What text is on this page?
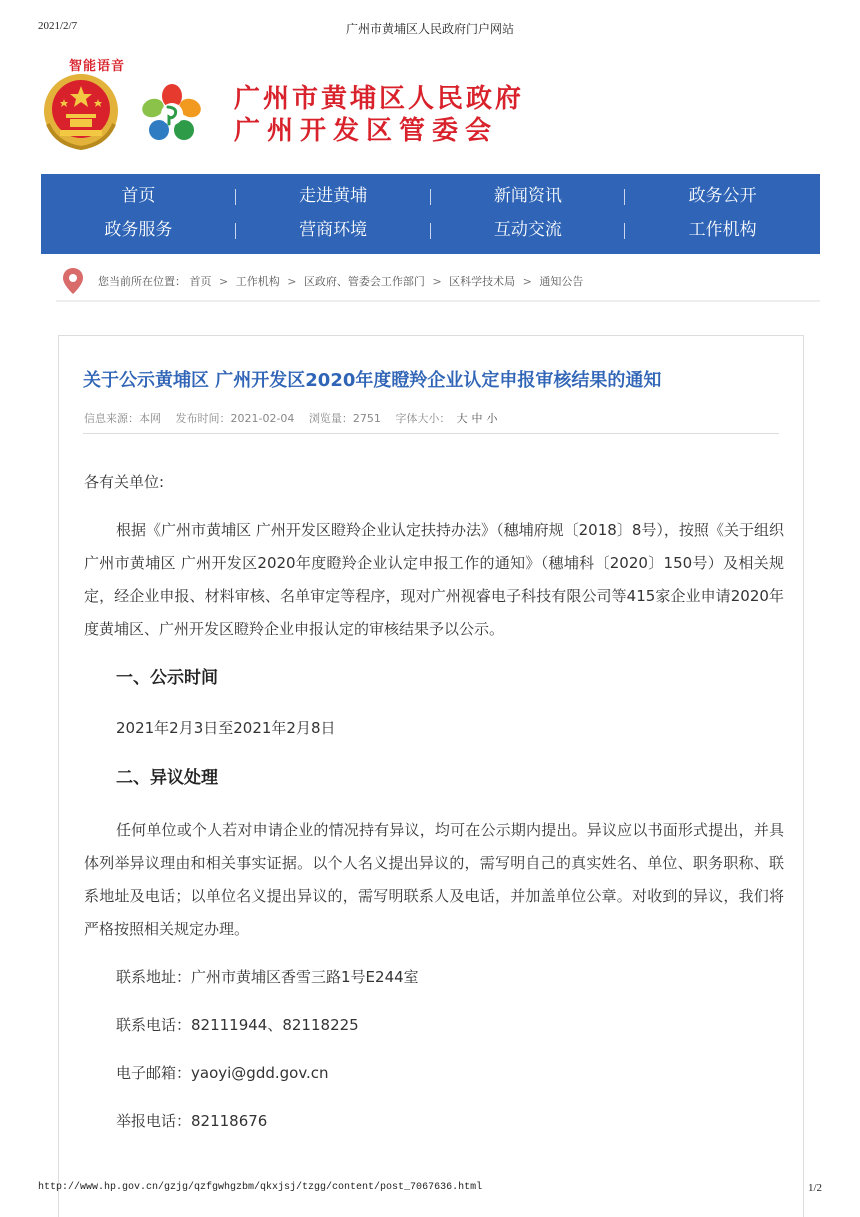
2021/2/7	广州市黄埔区人民政府门户网站
智能语音
广州市黄埔区人民政府
广州开发区管委会
首页	走进黄埔	新闻资讯	政务公开
政务服务	营商环境	互动交流	工作机构
您当前所在位置： 首页 > 工作机构 > 区政府、管委会工作部门 > 区科学技术局 > 通知公告
关于公示黄埔区 广州开发区2020年度瞪羚企业认定申报审核结果的通知
信息来源：本网 发布时间：2021-02-04 浏览量：2751 字体大小： 大 中 小

各有关单位:

根据《广州市黄埔区 广州开发区瞪羚企业认定扶持办法》（穗埔府规〔2018〕8号），按照《关于组织广州市黄埔区 广州开发区2020年度瞪羚企业认定申报工作的通知》（穗埔科〔2020〕150号）及相关规定，经企业申报、材料审核、名单审定等程序，现对广州视睿电子科技有限公司等415家企业申请2020年度黄埔区、广州开发区瞪羚企业申报认定的审核结果予以公示。

一、公示时间

2021年2月3日至2021年2月8日

二、异议处理

任何单位或个人若对申请企业的情况持有异议，均可在公示期内提出。异议应以书面形式提出，并具体列举异议理由和相关事实证据。以个人名义提出异议的，需写明自己的真实姓名、单位、职务职称、联系地址及电话；以单位名义提出异议的，需写明联系人及电话，并加盖单位公章。对收到的异议，我们将严格按照相关规定办理。

联系地址：广州市黄埔区香雪三路1号E244室

联系电话：82111944、82118225

电子邮箱：yaoyi@gdd.gov.cn

举报电话：82118676

http://www.hp.gov.cn/gzjg/qzfgwhgzbm/qkxjsj/tzgg/content/post_7067636.html	1/2
